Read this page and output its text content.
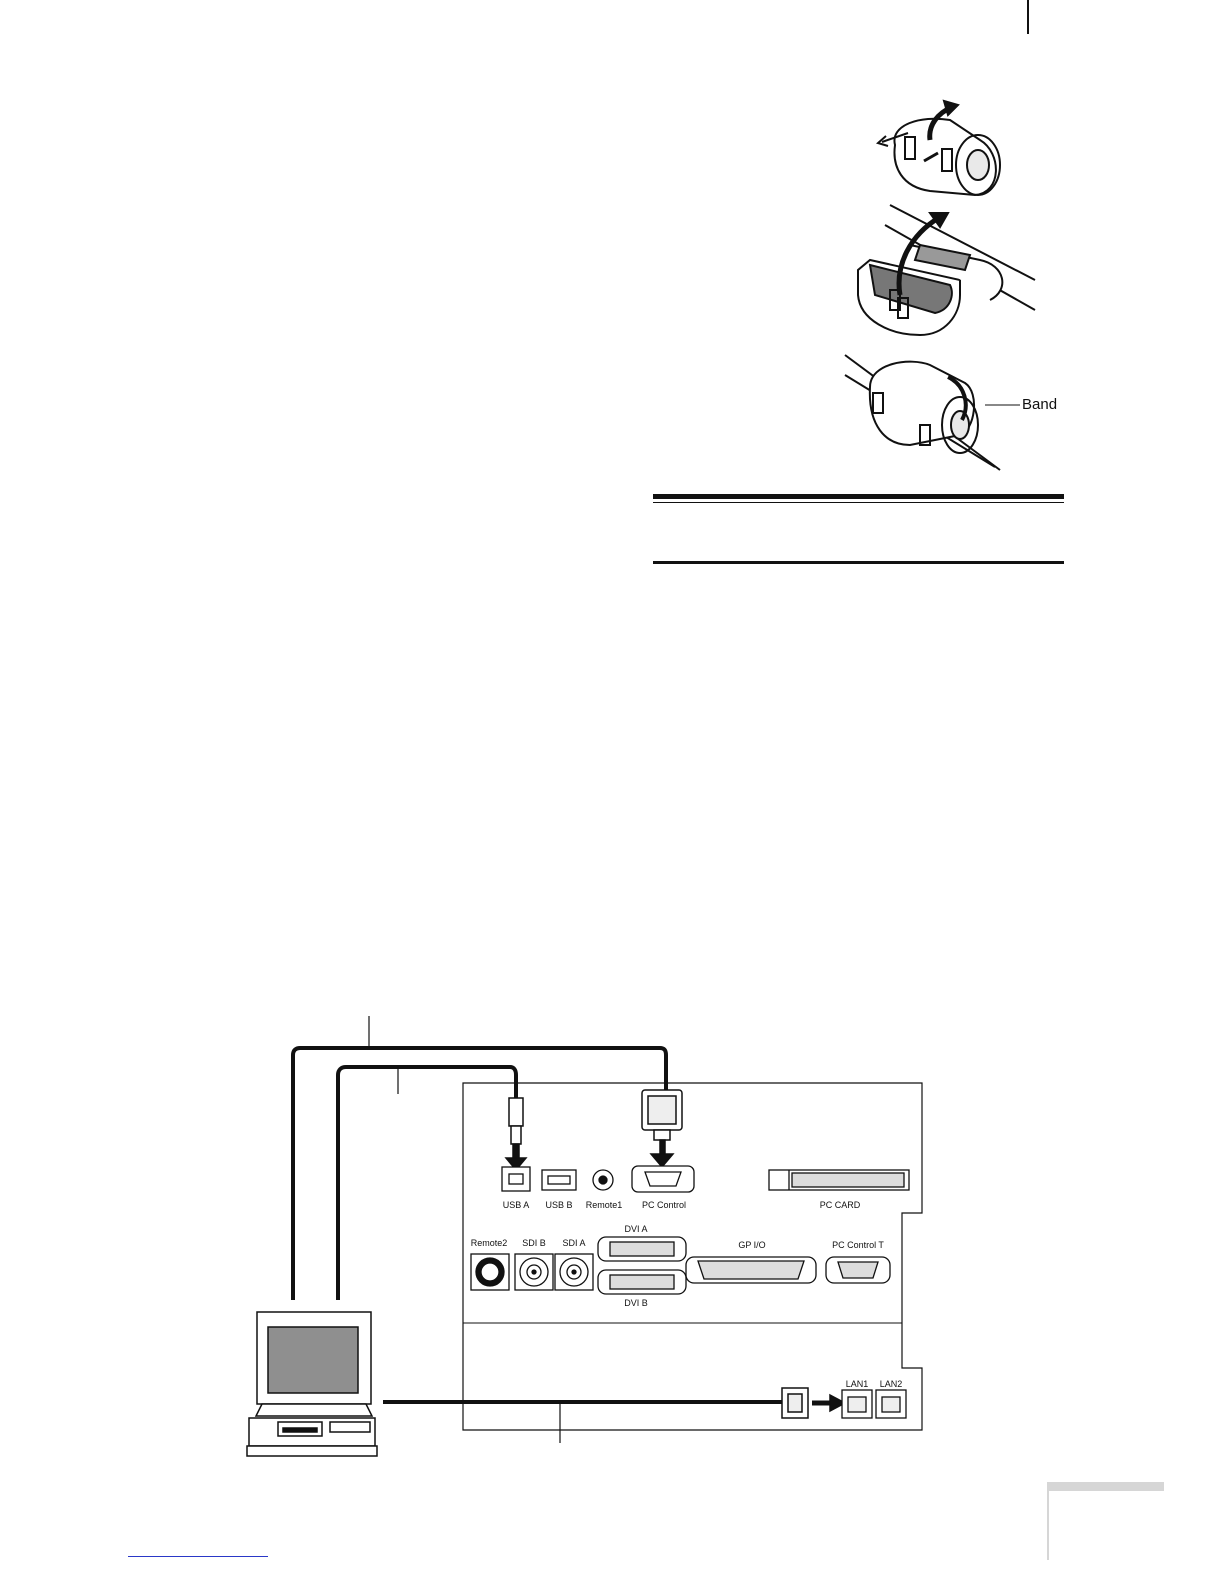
Band
USB A USB B Remote1 PC Control	PC CARD
Remote2 SDI B SDI A
DVI A
DVI B
GP I/O	PC Control T
LAN1 LAN2
